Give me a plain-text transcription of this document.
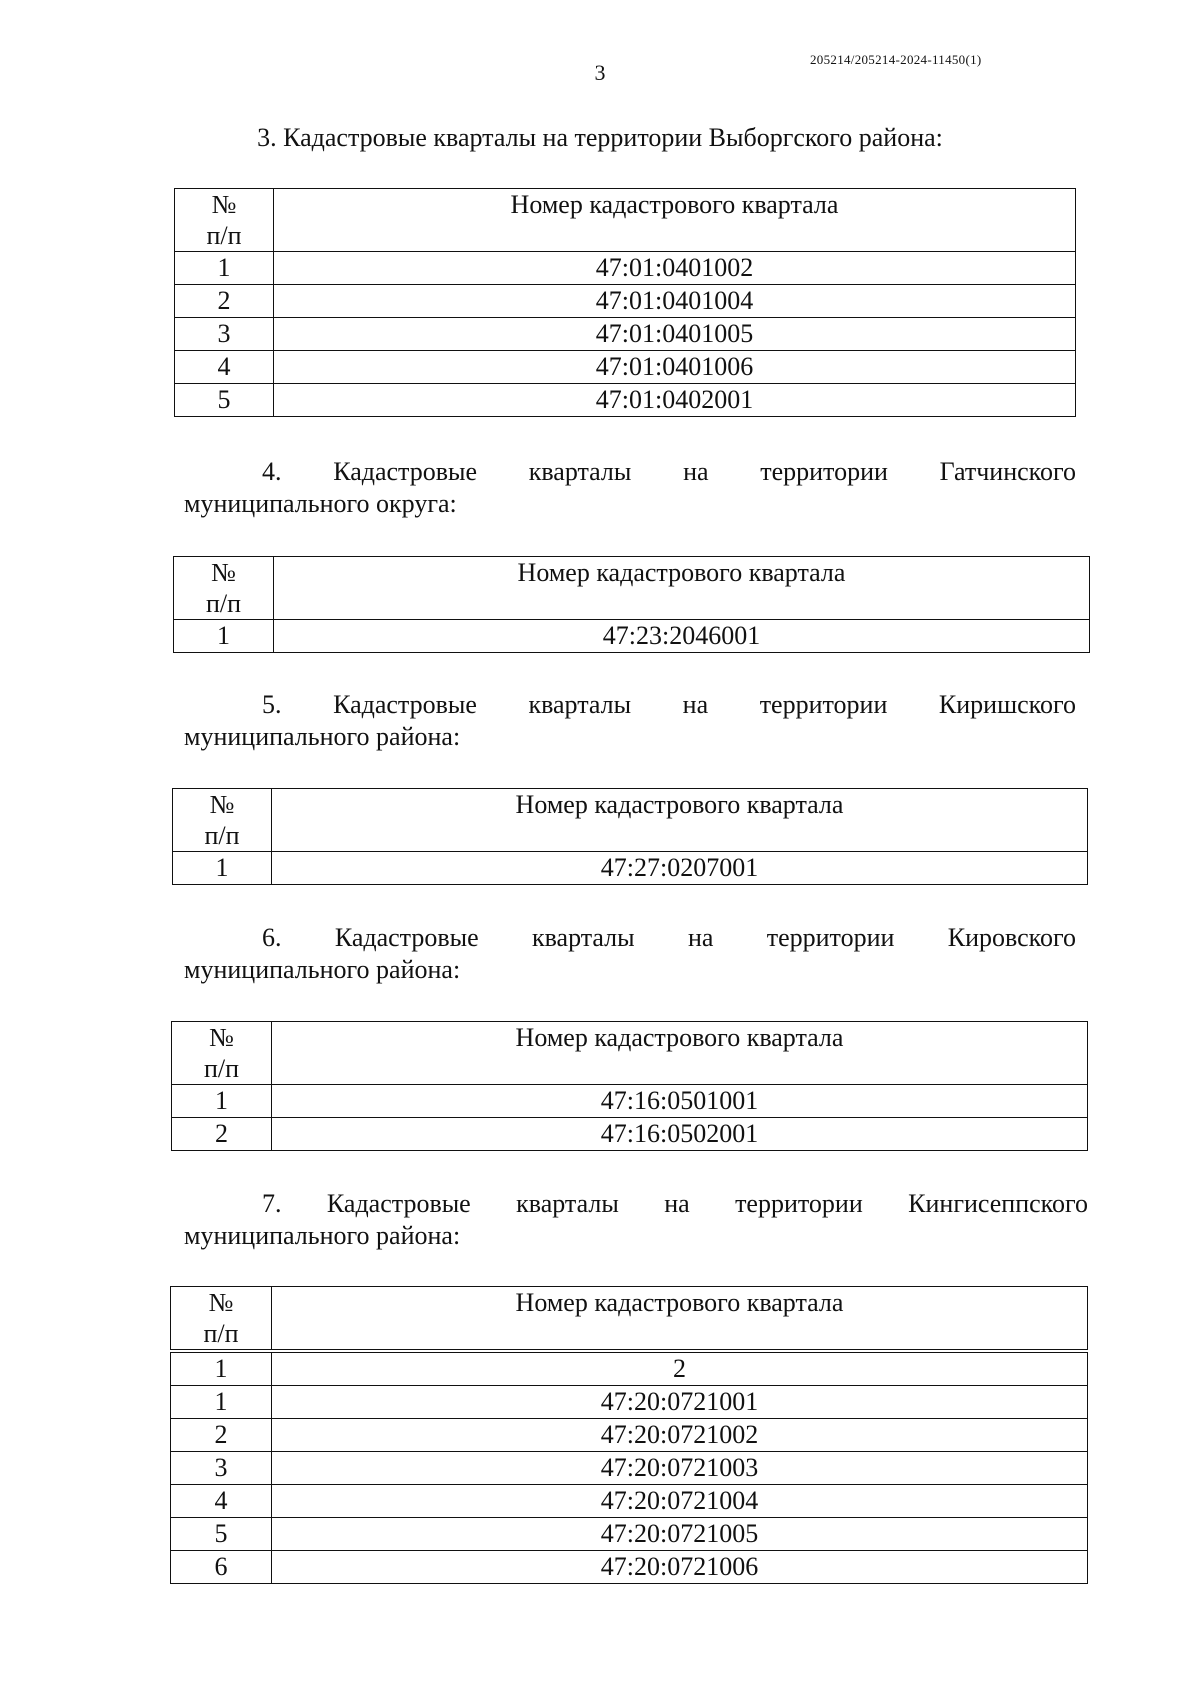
205214/205214-2024-11450(1)
3
3. Кадастровые кварталы на территории Выборгского района:
№
п/п	Номер кадастрового квартала
1	47:01:0401002
2	47:01:0401004
3	47:01:0401005
4	47:01:0401006
5	47:01:0402001
4. Кадастровые кварталы на территории Гатчинского
муниципального округа:
№
п/п	Номер кадастрового квартала
1	47:23:2046001
5. Кадастровые кварталы на территории Киришского
муниципального района:
№
п/п	Номер кадастрового квартала
1	47:27:0207001
6. Кадастровые кварталы на территории Кировского
муниципального района:
№
п/п	Номер кадастрового квартала
1	47:16:0501001
2	47:16:0502001
7. Кадастровые кварталы на территории Кингисеппского
муниципального района:
№
п/п	Номер кадастрового квартала
1	2
1	47:20:0721001
2	47:20:0721002
3	47:20:0721003
4	47:20:0721004
5	47:20:0721005
6	47:20:0721006
